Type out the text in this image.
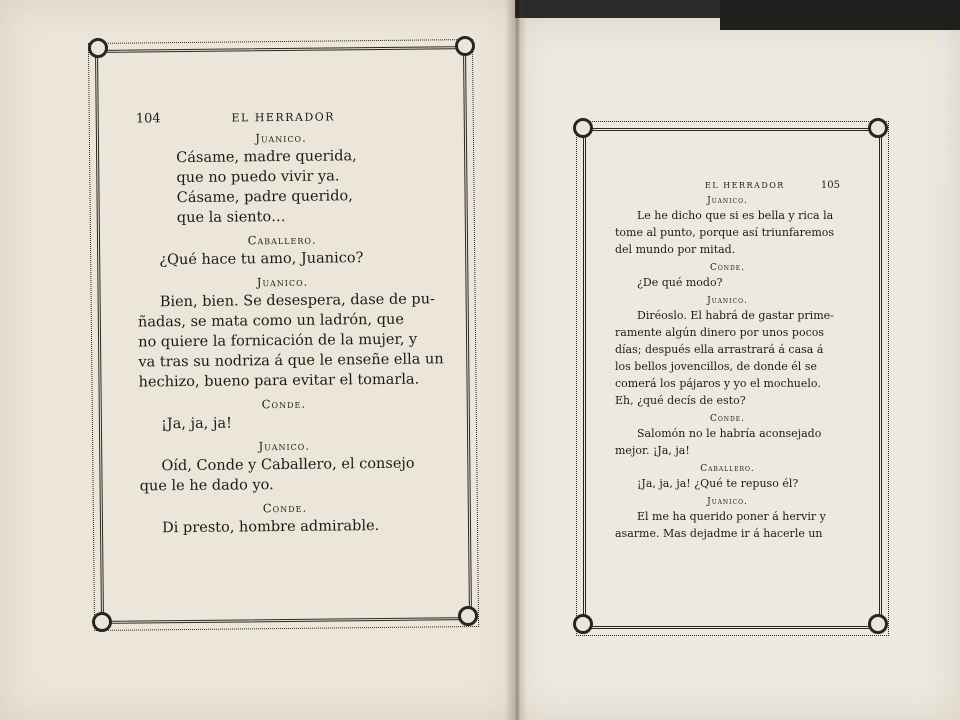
todocoleccion
104	EL HERRADOR
Juanico.
Cásame, madre querida,
que no puedo vivir ya.
Cásame, padre querido,
que la siento…
Caballero.
¿Qué hace tu amo, Juanico?
Juanico.
Bien, bien. Se desespera, dase de pu-
ñadas, se mata como un ladrón, que
no quiere la fornicación de la mujer, y
va tras su nodriza á que le enseñe ella un
hechizo, bueno para evitar el tomarla.
Conde.
¡Ja, ja, ja!
Juanico.
Oíd, Conde y Caballero, el consejo
que le he dado yo.
Conde.
Di presto, hombre admirable.
EL HERRADOR	105
Juanico.
Le he dicho que si es bella y rica la
tome al punto, porque así triunfaremos
del mundo por mitad.
Conde.
¿De qué modo?
Juanico.
Diréoslo. El habrá de gastar prime-
ramente algún dinero por unos pocos
días; después ella arrastrará á casa á
los bellos jovencillos, de donde él se
comerá los pájaros y yo el mochuelo.
Eh, ¿qué decís de esto?
Conde.
Salomón no le habría aconsejado
mejor. ¡Ja, ja!
Caballero.
¡Ja, ja, ja! ¿Qué te repuso él?
Juanico.
El me ha querido poner á hervir y
asarme. Mas dejadme ir á hacerle un
